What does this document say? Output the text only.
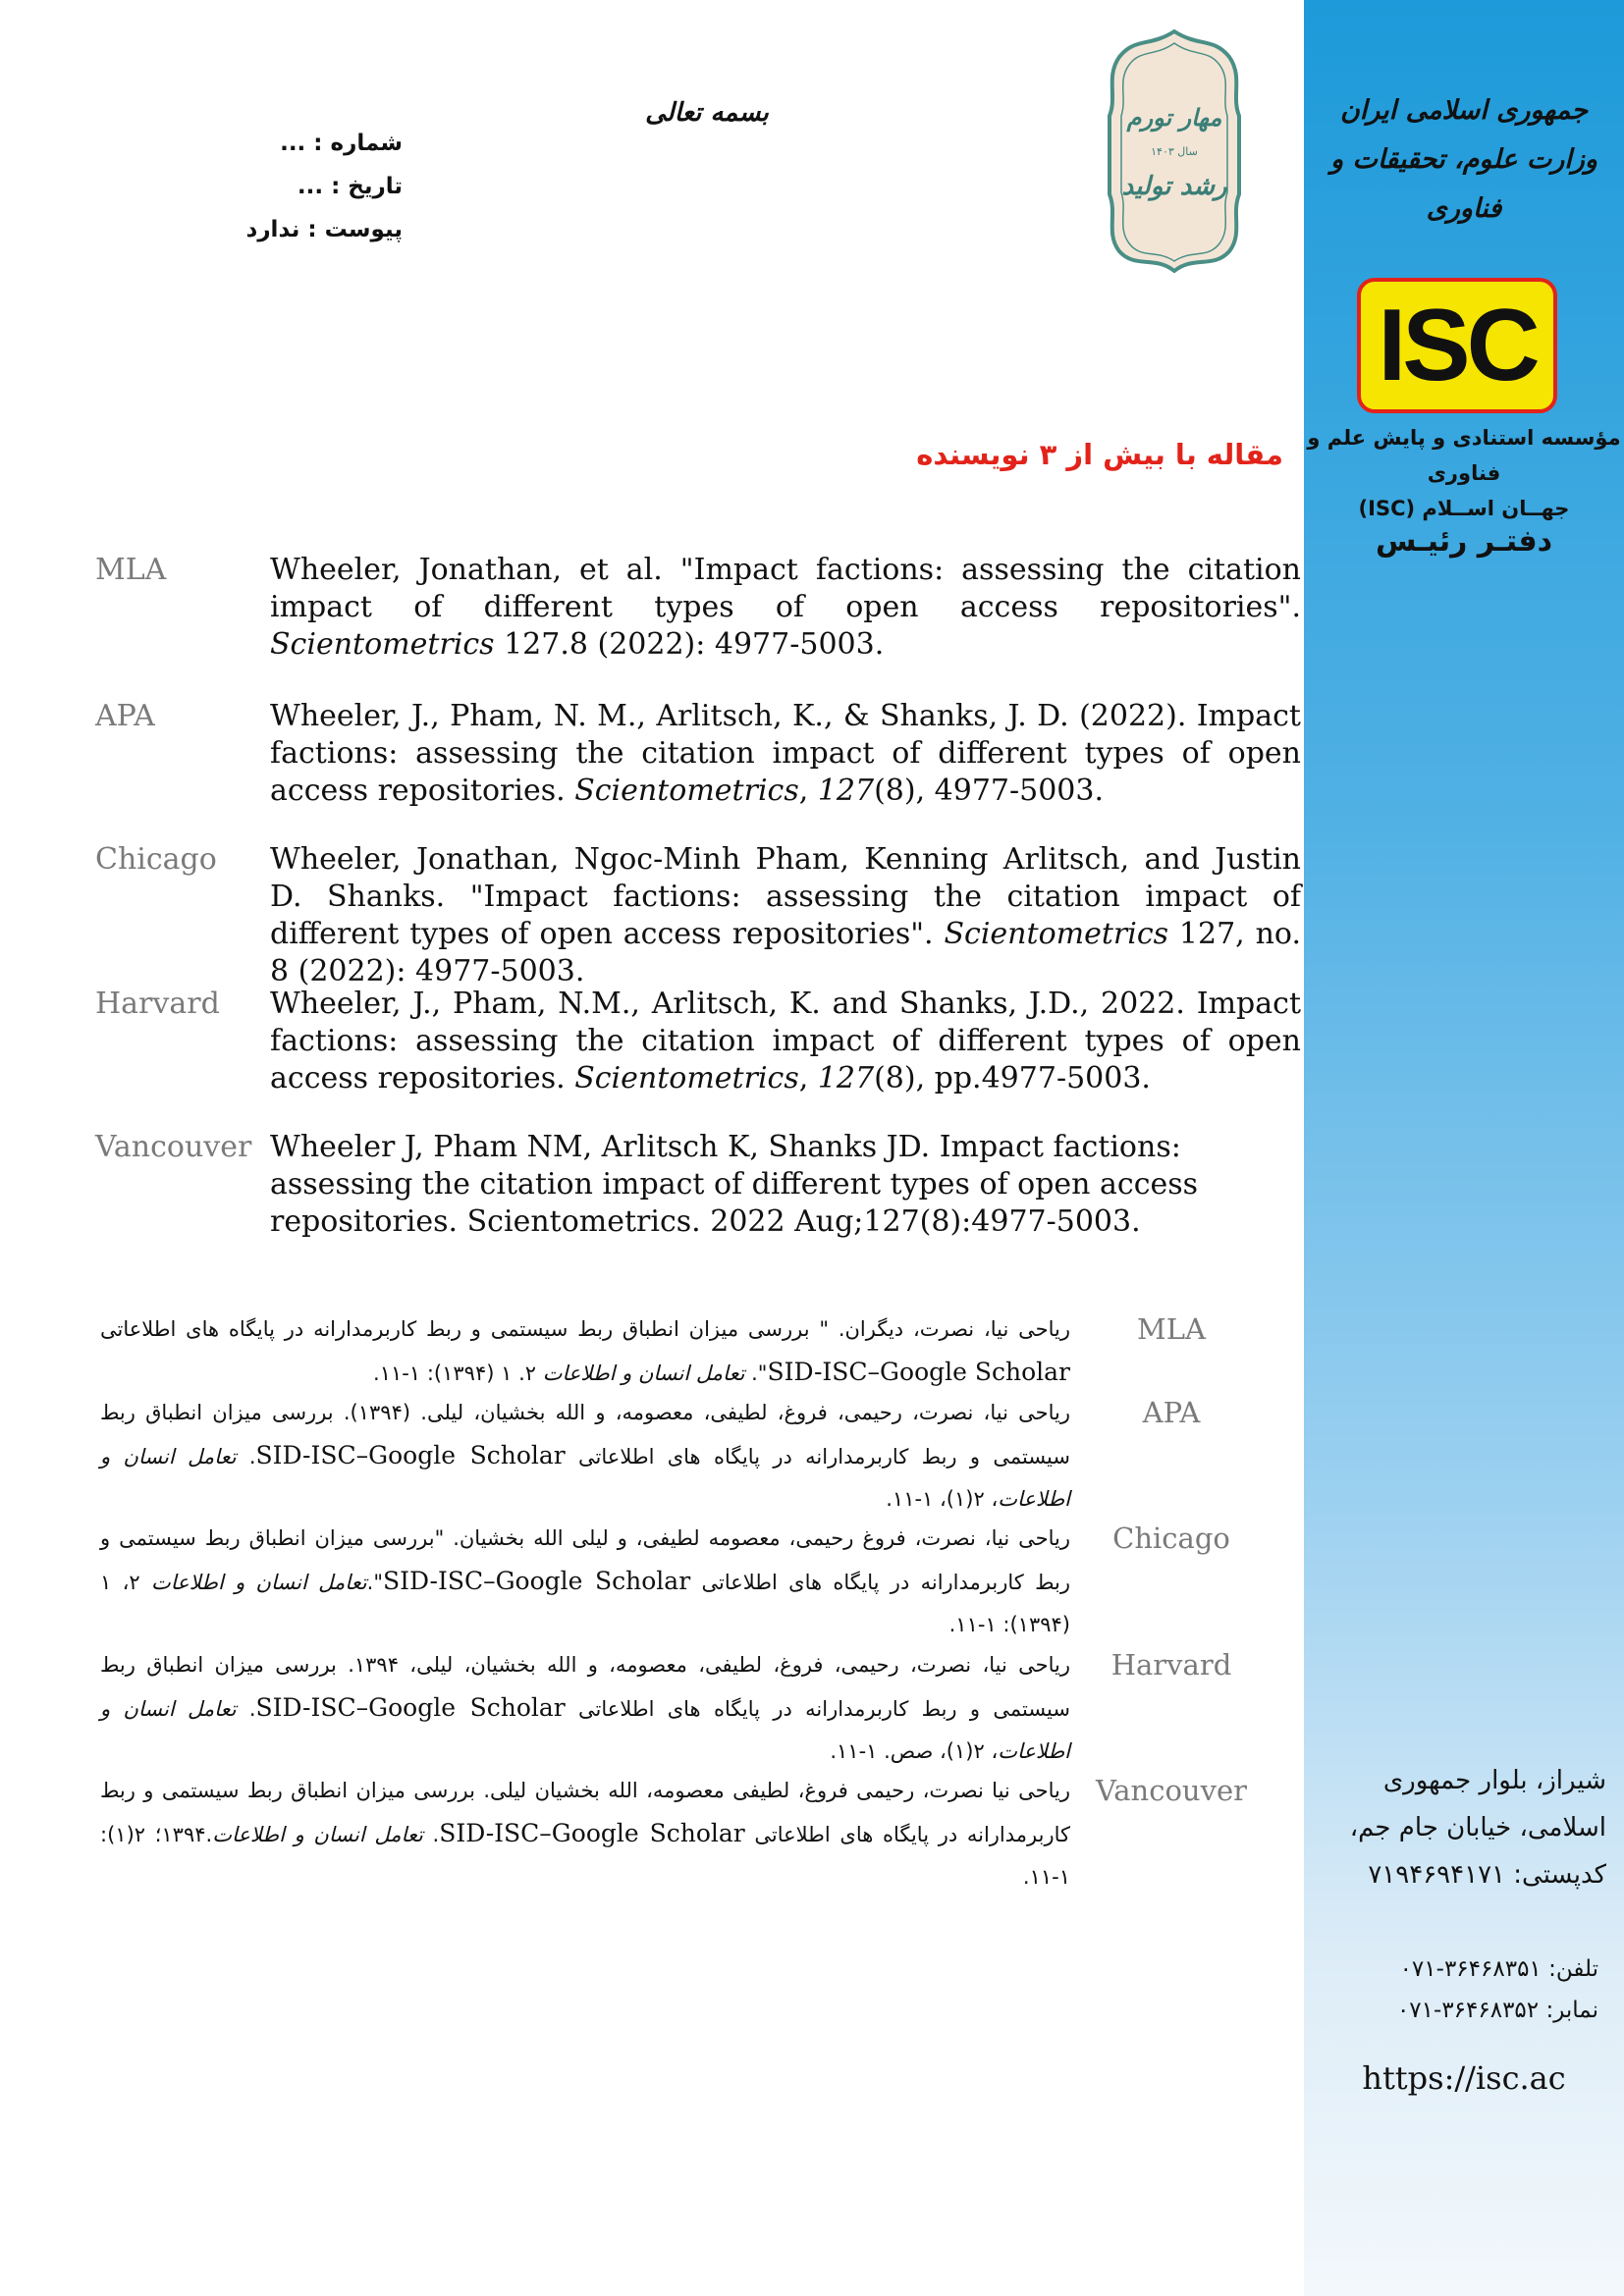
جمهوری اسلامی ایران
وزارت علوم، تحقیقات و فناوری
ISC
مؤسسه استنادی و پایش علم و فناوری
جهــان اســلام (ISC)
دفتـر رئیـس
شیراز، بلوار جمهوری
اسلامی، خیابان جام جم،
کدپستی: ۷۱۹۴۶۹۴۱۷۱
تلفن: ۳۶۴۶۸۳۵۱-۰۷۱
نمابر: ۳۶۴۶۸۳۵۲-۰۷۱
https://isc.ac
بسمه تعالی
شماره : ...
تاریخ : ...
پیوست : ندارد
مهار تورم
سال ۱۴۰۳
رشد تولید
مقاله با بیش از ۳ نویسنده
MLA	Wheeler, Jonathan, et al. "Impact factions: assessing the citation impact of different types of open access repositories". Scientometrics 127.8 (2022): 4977-5003.
APA	Wheeler, J., Pham, N. M., Arlitsch, K., & Shanks, J. D. (2022). Impact factions: assessing the citation impact of different types of open access repositories. Scientometrics, 127(8), 4977-5003.
Chicago	Wheeler, Jonathan, Ngoc-Minh Pham, Kenning Arlitsch, and Justin D. Shanks. "Impact factions: assessing the citation impact of different types of open access repositories". Scientometrics 127, no. 8 (2022): 4977-5003.
Harvard	Wheeler, J., Pham, N.M., Arlitsch, K. and Shanks, J.D., 2022. Impact factions: assessing the citation impact of different types of open access repositories. Scientometrics, 127(8), pp.4977-5003.
Vancouver Wheeler J, Pham NM, Arlitsch K, Shanks JD. Impact factions: assessing the citation impact of different types of open access repositories. Scientometrics. 2022 Aug;127(8):4977-5003.
MLA
ریاحی نیا، نصرت، دیگران. " بررسی میزان انطباق ربط سیستمی و ربط کاربرمدارانه در پایگاه های اطلاعاتی SID-ISC–Google Scholar". تعامل انسان و اطلاعات ۲. ۱ (۱۳۹۴): ۱-۱۱.
APA
ریاحی نیا، نصرت، رحیمی، فروغ، لطیفی، معصومه، و الله بخشیان، لیلی. (۱۳۹۴). بررسی میزان انطباق ربط سیستمی و ربط کاربرمدارانه در پایگاه های اطلاعاتی SID-ISC–Google Scholar. تعامل انسان و اطلاعات، ۲(۱)، ۱-۱۱.
Chicago
ریاحی نیا، نصرت، فروغ رحیمی، معصومه لطیفی، و لیلی الله بخشیان. "بررسی میزان انطباق ربط سیستمی و ربط کاربرمدارانه در پایگاه های اطلاعاتی SID-ISC–Google Scholar".تعامل انسان و اطلاعات ۲، ۱ (۱۳۹۴): ۱-۱۱.
Harvard
ریاحی نیا، نصرت، رحیمی، فروغ، لطیفی، معصومه، و الله بخشیان، لیلی، ۱۳۹۴. بررسی میزان انطباق ربط سیستمی و ربط کاربرمدارانه در پایگاه های اطلاعاتی SID-ISC–Google Scholar. تعامل انسان و اطلاعات، ۲(۱)، صص. ۱-۱۱.
Vancouver
ریاحی نیا نصرت، رحیمی فروغ، لطیفی معصومه، الله بخشیان لیلی. بررسی میزان انطباق ربط سیستمی و ربط کاربرمدارانه در پایگاه های اطلاعاتی SID-ISC–Google Scholar. تعامل انسان و اطلاعات.۱۳۹۴؛ ۲(۱): ۱-۱۱.
